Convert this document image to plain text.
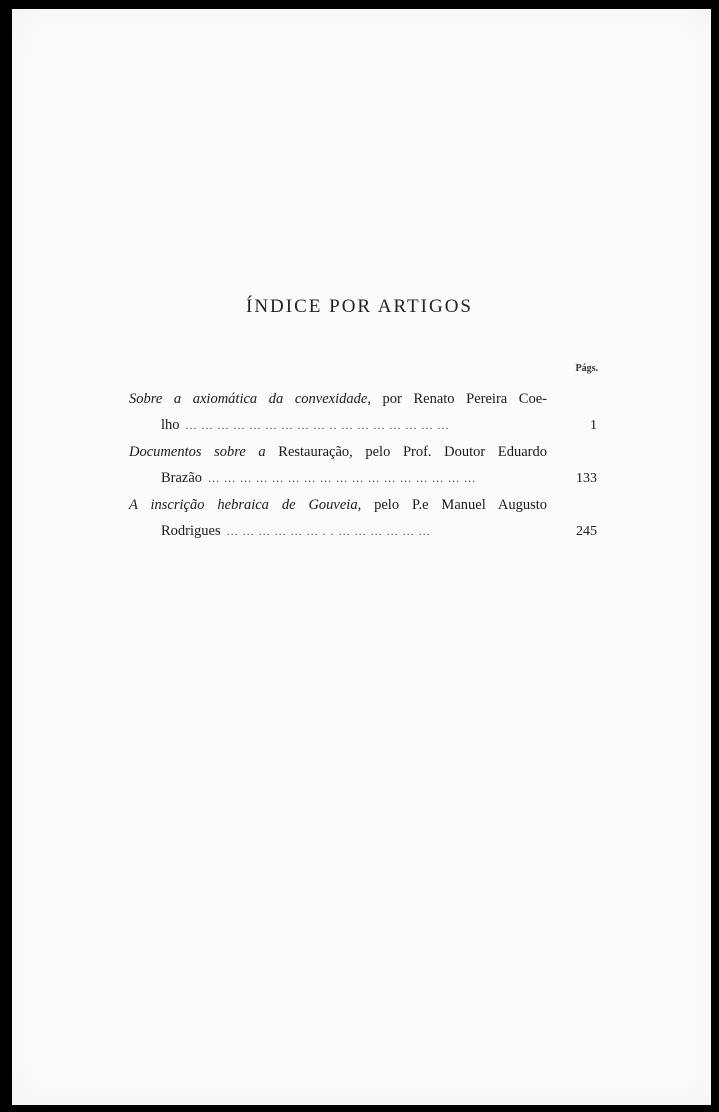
ÍNDICE POR ARTIGOS
Págs.
Sobre a axiomática da convexidade, por Renato Pereira Coe-
lho ... ... ... ... ... ... ... ... ... .. ... ... ... ... ... ... ...	1
Documentos sobre a Restauração, pelo Prof. Doutor Eduardo
Brazão ... ... ... ... ... ... ... ... ... ... ... ... ... ... ... ... ...	133
A inscrição hebraica de Gouveia, pelo P.e Manuel Augusto
Rodrigues ... ... ... ... ... ... . . ... ... ... ... ... ...	245
